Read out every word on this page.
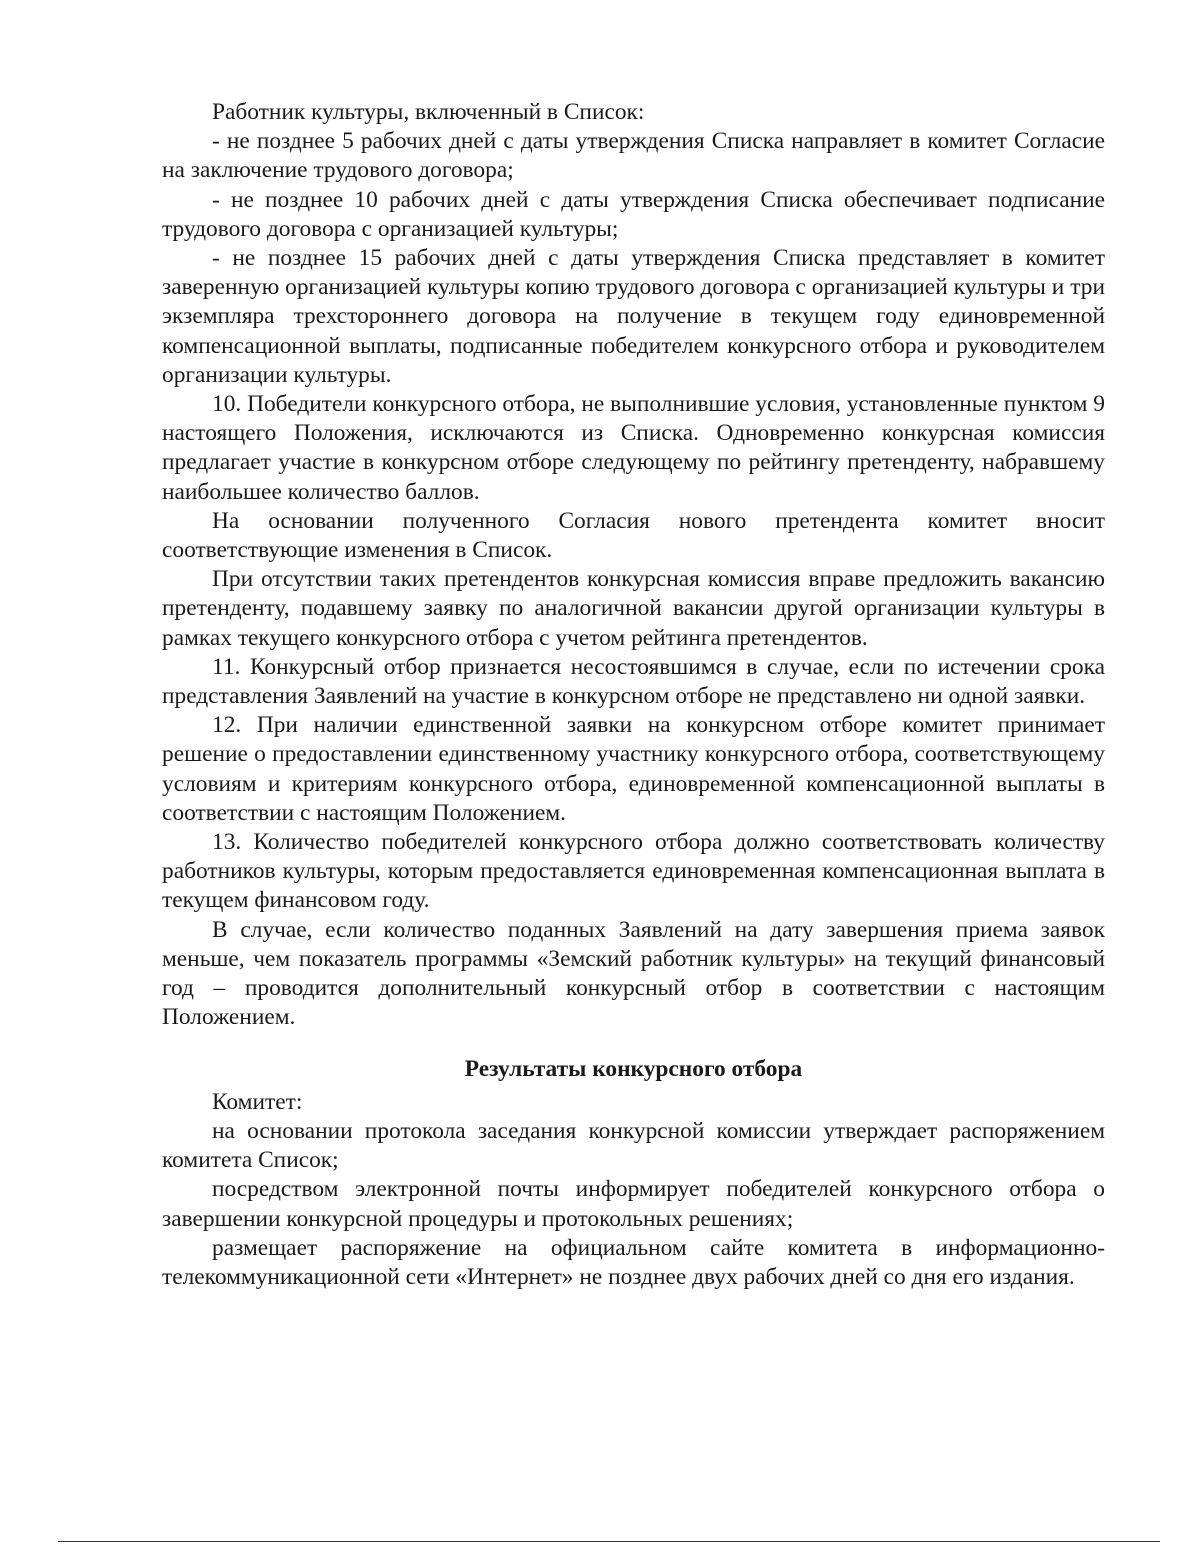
Работник культуры, включенный в Список:

- не позднее 5 рабочих дней с даты утверждения Списка направляет в комитет Согласие на заключение трудового договора;

- не позднее 10 рабочих дней с даты утверждения Списка обеспечивает подписание трудового договора с организацией культуры;

- не позднее 15 рабочих дней с даты утверждения Списка представляет в комитет заверенную организацией культуры копию трудового договора с организацией культуры и три экземпляра трехстороннего договора на получение в текущем году единовременной компенсационной выплаты, подписанные победителем конкурсного отбора и руководителем организации культуры.

10. Победители конкурсного отбора, не выполнившие условия, установленные пунктом 9 настоящего Положения, исключаются из Списка. Одновременно конкурсная комиссия предлагает участие в конкурсном отборе следующему по рейтингу претенденту, набравшему наибольшее количество баллов.

На основании полученного Согласия нового претендента комитет вносит соответствующие изменения в Список.

При отсутствии таких претендентов конкурсная комиссия вправе предложить вакансию претенденту, подавшему заявку по аналогичной вакансии другой организации культуры в рамках текущего конкурсного отбора с учетом рейтинга претендентов.

11. Конкурсный отбор признается несостоявшимся в случае, если по истечении срока представления Заявлений на участие в конкурсном отборе не представлено ни одной заявки.

12. При наличии единственной заявки на конкурсном отборе комитет принимает решение о предоставлении единственному участнику конкурсного отбора, соответствующему условиям и критериям конкурсного отбора, единовременной компенсационной выплаты в соответствии с настоящим Положением.

13. Количество победителей конкурсного отбора должно соответствовать количеству работников культуры, которым предоставляется единовременная компенсационная выплата в текущем финансовом году.

В случае, если количество поданных Заявлений на дату завершения приема заявок меньше, чем показатель программы «Земский работник культуры» на текущий финансовый год – проводится дополнительный конкурсный отбор в соответствии с настоящим Положением.

Результаты конкурсного отбора

Комитет:

на основании протокола заседания конкурсной комиссии утверждает распоряжением комитета Список;

посредством электронной почты информирует победителей конкурсного отбора о завершении конкурсной процедуры и протокольных решениях;

размещает распоряжение на официальном сайте комитета в информационно-телекоммуникационной сети «Интернет» не позднее двух рабочих дней со дня его издания.
